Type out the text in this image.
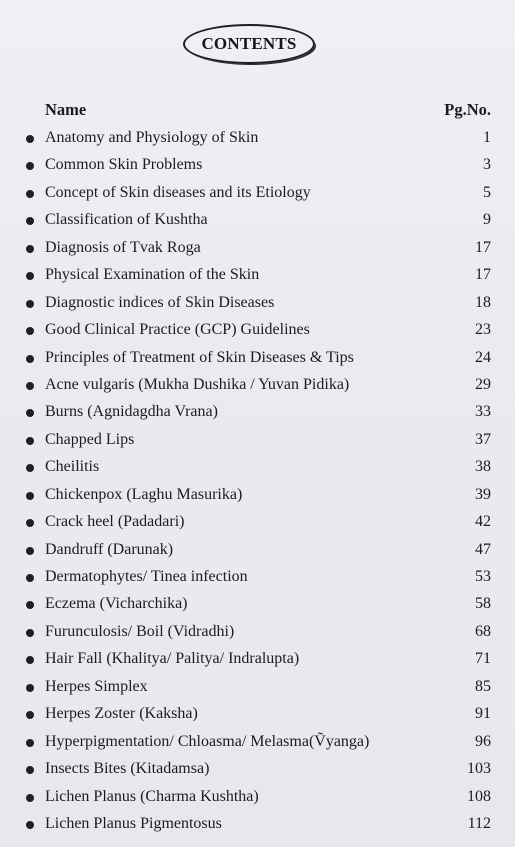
CONTENTS
Name	Pg.No.
Anatomy and Physiology of Skin	1
Common Skin Problems	3
Concept of Skin diseases and its Etiology	5
Classification of Kushtha	9
Diagnosis of Tvak Roga	17
Physical Examination of the Skin	17
Diagnostic indices of Skin Diseases	18
Good Clinical Practice (GCP) Guidelines	23
Principles of Treatment of Skin Diseases & Tips	24
Acne vulgaris (Mukha Dushika / Yuvan Pidika)	29
Burns (Agnidagdha Vrana)	33
Chapped Lips	37
Cheilitis	38
Chickenpox (Laghu Masurika)	39
Crack heel (Padadari)	42
Dandruff (Darunak)	47
Dermatophytes/ Tinea infection	53
Eczema (Vicharchika)	58
Furunculosis/ Boil (Vidradhi)	68
Hair Fall (Khalitya/ Palitya/ Indralupta)	71
Herpes Simplex	85
Herpes Zoster (Kaksha)	91
Hyperpigmentation/ Chloasma/ Melasma(Ṽyanga)	96
Insects Bites (Kitadamsa)	103
Lichen Planus (Charma Kushtha)	108
Lichen Planus Pigmentosus	112
